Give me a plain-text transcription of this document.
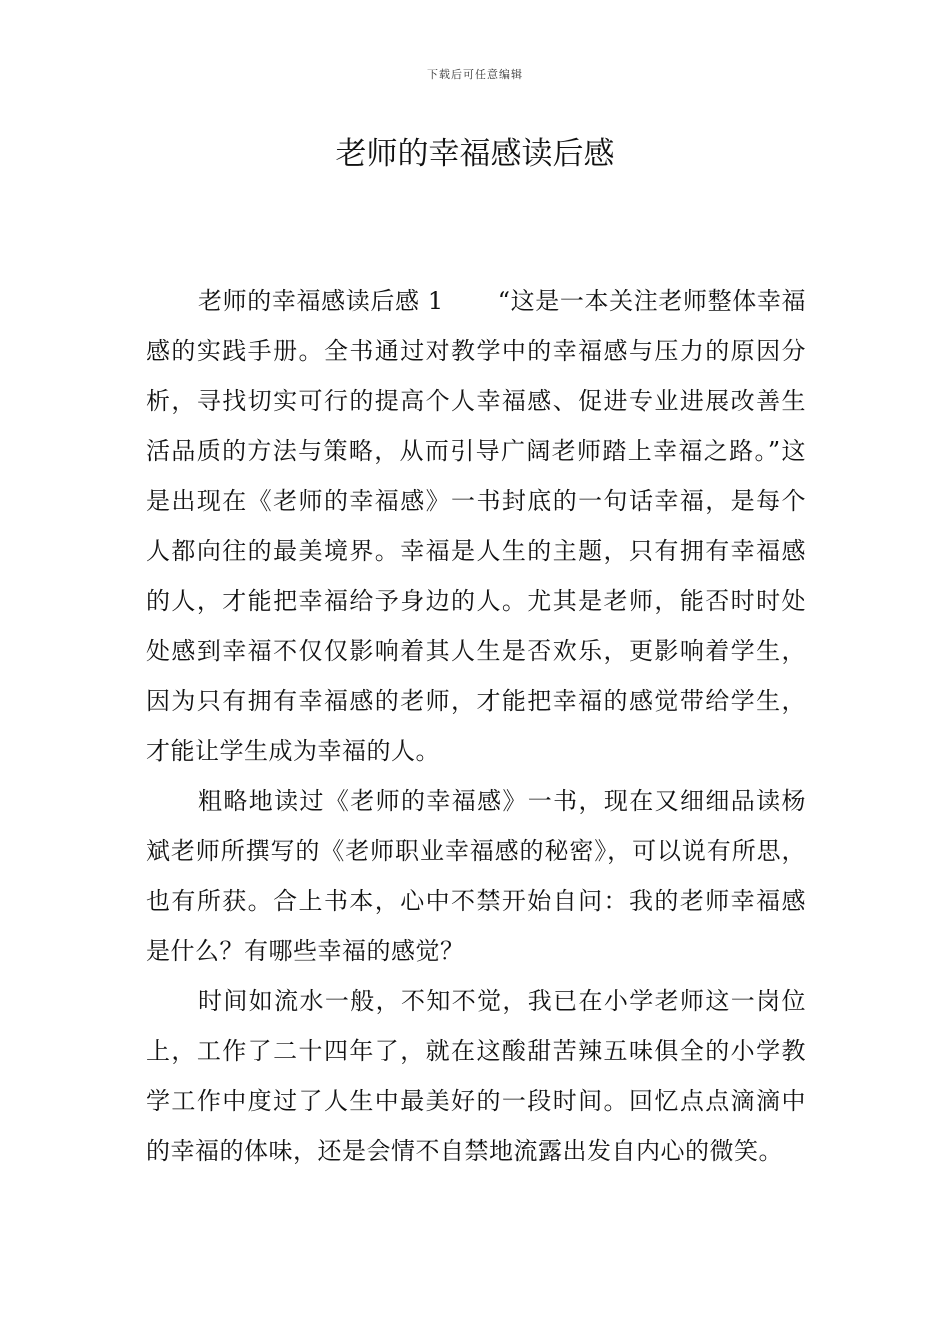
下载后可任意编辑
老师的幸福感读后感

老师的幸福感读后感 1 “这是一本关注老师整体幸福感的实践手册。全书通过对教学中的幸福感与压力的原因分析，寻找切实可行的提高个人幸福感、促进专业进展改善生活品质的方法与策略，从而引导广阔老师踏上幸福之路。”这是出现在《老师的幸福感》一书封底的一句话幸福，是每个人都向往的最美境界。幸福是人生的主题，只有拥有幸福感的人，才能把幸福给予身边的人。尤其是老师，能否时时处处感到幸福不仅仅影响着其人生是否欢乐，更影响着学生，因为只有拥有幸福感的老师，才能把幸福的感觉带给学生，才能让学生成为幸福的人。

粗略地读过《老师的幸福感》一书，现在又细细品读杨斌老师所撰写的《老师职业幸福感的秘密》，可以说有所思，也有所获。合上书本，心中不禁开始自问：我的老师幸福感是什么？有哪些幸福的感觉？

时间如流水一般，不知不觉，我已在小学老师这一岗位上，工作了二十四年了，就在这酸甜苦辣五味俱全的小学教学工作中度过了人生中最美好的一段时间。回忆点点滴滴中的幸福的体味，还是会情不自禁地流露出发自内心的微笑。
